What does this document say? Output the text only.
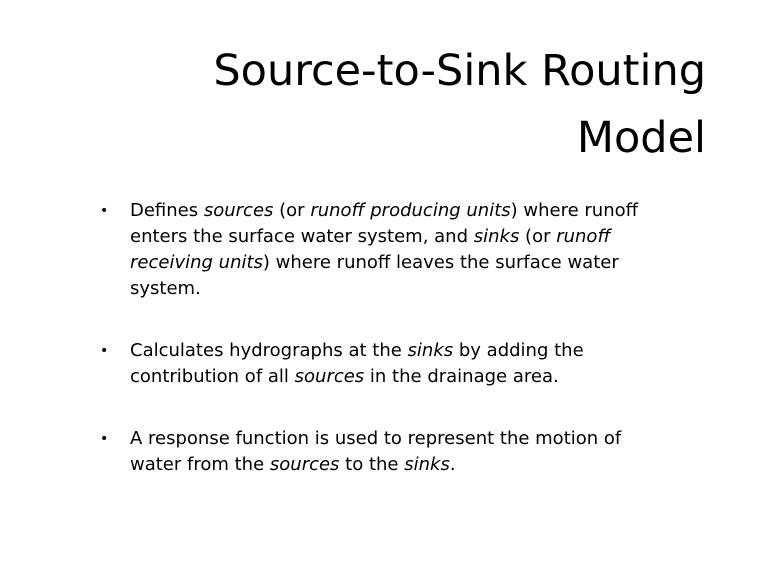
Source-to-Sink Routing
Model
• Defines sources (or runoff producing units) where runoff enters the surface water system, and sinks (or runoff receiving units) where runoff leaves the surface water system.
• Calculates hydrographs at the sinks by adding the contribution of all sources in the drainage area.
• A response function is used to represent the motion of water from the sources to the sinks.
